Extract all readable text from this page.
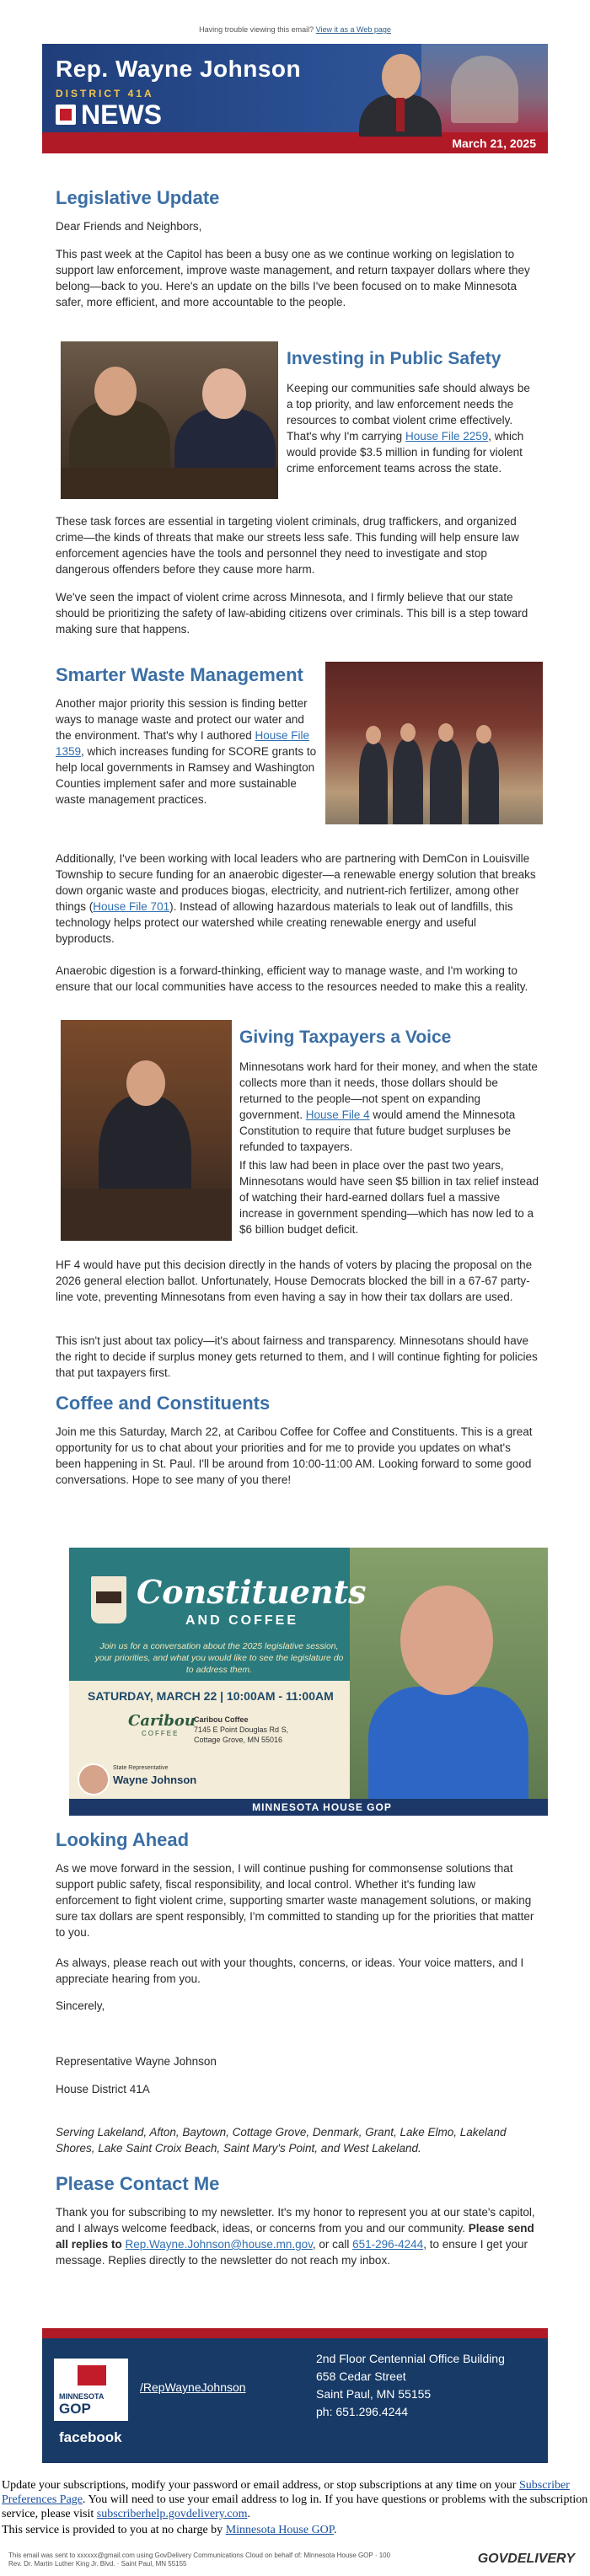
Having trouble viewing this email? View it as a Web page
Rep. Wayne Johnson
DISTRICT 41A
NEWS
March 21, 2025
Legislative Update

Dear Friends and Neighbors,

This past week at the Capitol has been a busy one as we continue working on legislation to support law enforcement, improve waste management, and return taxpayer dollars where they belong—back to you. Here's an update on the bills I've been focused on to make Minnesota safer, more efficient, and more accountable to the people.

Investing in Public Safety

Keeping our communities safe should always be a top priority, and law enforcement needs the resources to combat violent crime effectively. That's why I'm carrying House File 2259, which would provide $3.5 million in funding for violent crime enforcement teams across the state.

These task forces are essential in targeting violent criminals, drug traffickers, and organized crime—the kinds of threats that make our streets less safe. This funding will help ensure law enforcement agencies have the tools and personnel they need to investigate and stop dangerous offenders before they cause more harm.

We've seen the impact of violent crime across Minnesota, and I firmly believe that our state should be prioritizing the safety of law-abiding citizens over criminals. This bill is a step toward making sure that happens.

Smarter Waste Management

Another major priority this session is finding better ways to manage waste and protect our water and the environment. That's why I authored House File 1359, which increases funding for SCORE grants to help local governments in Ramsey and Washington Counties implement safer and more sustainable waste management practices.

Additionally, I've been working with local leaders who are partnering with DemCon in Louisville Township to secure funding for an anaerobic digester—a renewable energy solution that breaks down organic waste and produces biogas, electricity, and nutrient-rich fertilizer, among other things (House File 701). Instead of allowing hazardous materials to leak out of landfills, this technology helps protect our watershed while creating renewable energy and useful byproducts.

Anaerobic digestion is a forward-thinking, efficient way to manage waste, and I'm working to ensure that our local communities have access to the resources needed to make this a reality.

Giving Taxpayers a Voice

Minnesotans work hard for their money, and when the state collects more than it needs, those dollars should be returned to the people—not spent on expanding government. House File 4 would amend the Minnesota Constitution to require that future budget surpluses be refunded to taxpayers.

If this law had been in place over the past two years, Minnesotans would have seen $5 billion in tax relief instead of watching their hard-earned dollars fuel a massive increase in government spending—which has now led to a $6 billion budget deficit.

HF 4 would have put this decision directly in the hands of voters by placing the proposal on the 2026 general election ballot. Unfortunately, House Democrats blocked the bill in a 67-67 party-line vote, preventing Minnesotans from even having a say in how their tax dollars are used.

This isn't just about tax policy—it's about fairness and transparency. Minnesotans should have the right to decide if surplus money gets returned to them, and I will continue fighting for policies that put taxpayers first.

Coffee and Constituents

Join me this Saturday, March 22, at Caribou Coffee for Coffee and Constituents. This is a great opportunity for us to chat about your priorities and for me to provide you updates on what's been happening in St. Paul. I'll be around from 10:00-11:00 AM. Looking forward to some good conversations. Hope to see many of you there!

Constituents
AND COFFEE
Join us for a conversation about the 2025 legislative session, your priorities, and what you would like to see the legislature do to address them.
SATURDAY, MARCH 22 | 10:00AM - 11:00AM
Caribou
COFFEE
Caribou Coffee
7145 E Point Douglas Rd S,
Cottage Grove, MN 55016
State Representative
Wayne Johnson
MINNESOTA HOUSE GOP
Looking Ahead

As we move forward in the session, I will continue pushing for commonsense solutions that support public safety, fiscal responsibility, and local control. Whether it's funding law enforcement to fight violent crime, supporting smarter waste management solutions, or making sure tax dollars are spent responsibly, I'm committed to standing up for the priorities that matter to you.

As always, please reach out with your thoughts, concerns, or ideas. Your voice matters, and I appreciate hearing from you.

Sincerely,

Representative Wayne Johnson

House District 41A

Serving Lakeland, Afton, Baytown, Cottage Grove, Denmark, Grant, Lake Elmo, Lakeland Shores, Lake Saint Croix Beach, Saint Mary's Point, and West Lakeland.

Please Contact Me

Thank you for subscribing to my newsletter. It's my honor to represent you at our state's capitol, and I always welcome feedback, ideas, or concerns from you and our community. Please send all replies to Rep.Wayne.Johnson@house.mn.gov, or call 651-296-4244, to ensure I get your message. Replies directly to the newsletter do not reach my inbox.

MINNESOTA
GOP
facebook
/RepWayneJohnson
2nd Floor Centennial Office Building
658 Cedar Street
Saint Paul, MN 55155
ph: 651.296.4244

Update your subscriptions, modify your password or email address, or stop subscriptions at any time on your Subscriber Preferences Page. You will need to use your email address to log in. If you have questions or problems with the subscription service, please visit subscriberhelp.govdelivery.com.

This service is provided to you at no charge by Minnesota House GOP.

This email was sent to xxxxxx@gmail.com using GovDelivery Communications Cloud on behalf of: Minnesota House GOP · 100
Rev. Dr. Martin Luther King Jr. Blvd. · Saint Paul, MN 55155	GOVDELIVERY
